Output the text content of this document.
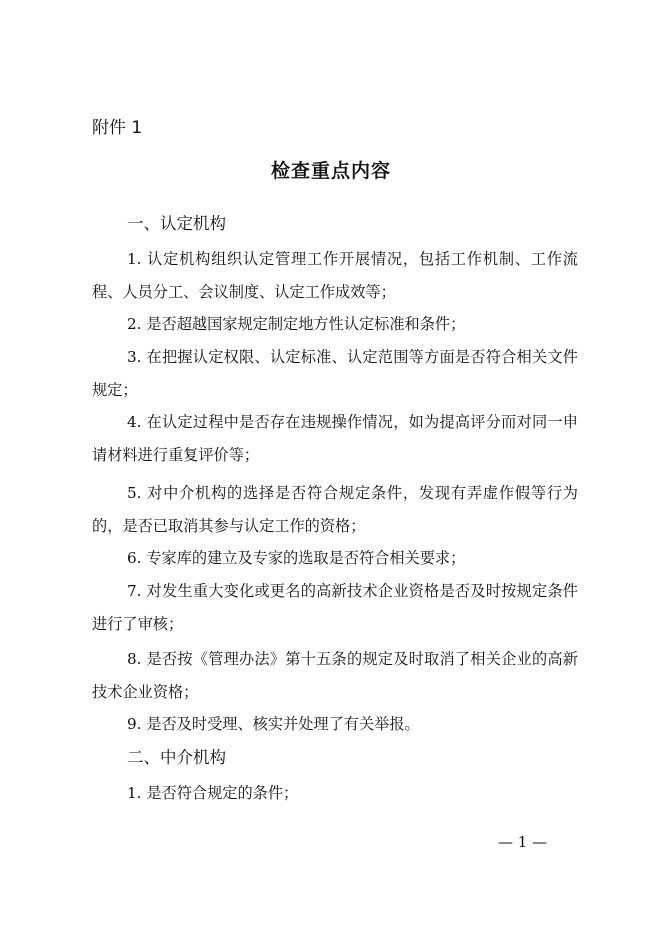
附件 1
检查重点内容
一、认定机构
1. 认定机构组织认定管理工作开展情况，包括工作机制、工作流程、人员分工、会议制度、认定工作成效等；
2. 是否超越国家规定制定地方性认定标准和条件；
3. 在把握认定权限、认定标准、认定范围等方面是否符合相关文件规定；
4. 在认定过程中是否存在违规操作情况，如为提高评分而对同一申请材料进行重复评价等；
5. 对中介机构的选择是否符合规定条件，发现有弄虚作假等行为的，是否已取消其参与认定工作的资格；
6. 专家库的建立及专家的选取是否符合相关要求；
7. 对发生重大变化或更名的高新技术企业资格是否及时按规定条件进行了审核；
8. 是否按《管理办法》第十五条的规定及时取消了相关企业的高新技术企业资格；
9. 是否及时受理、核实并处理了有关举报。
二、中介机构
1. 是否符合规定的条件；
— 1 —
